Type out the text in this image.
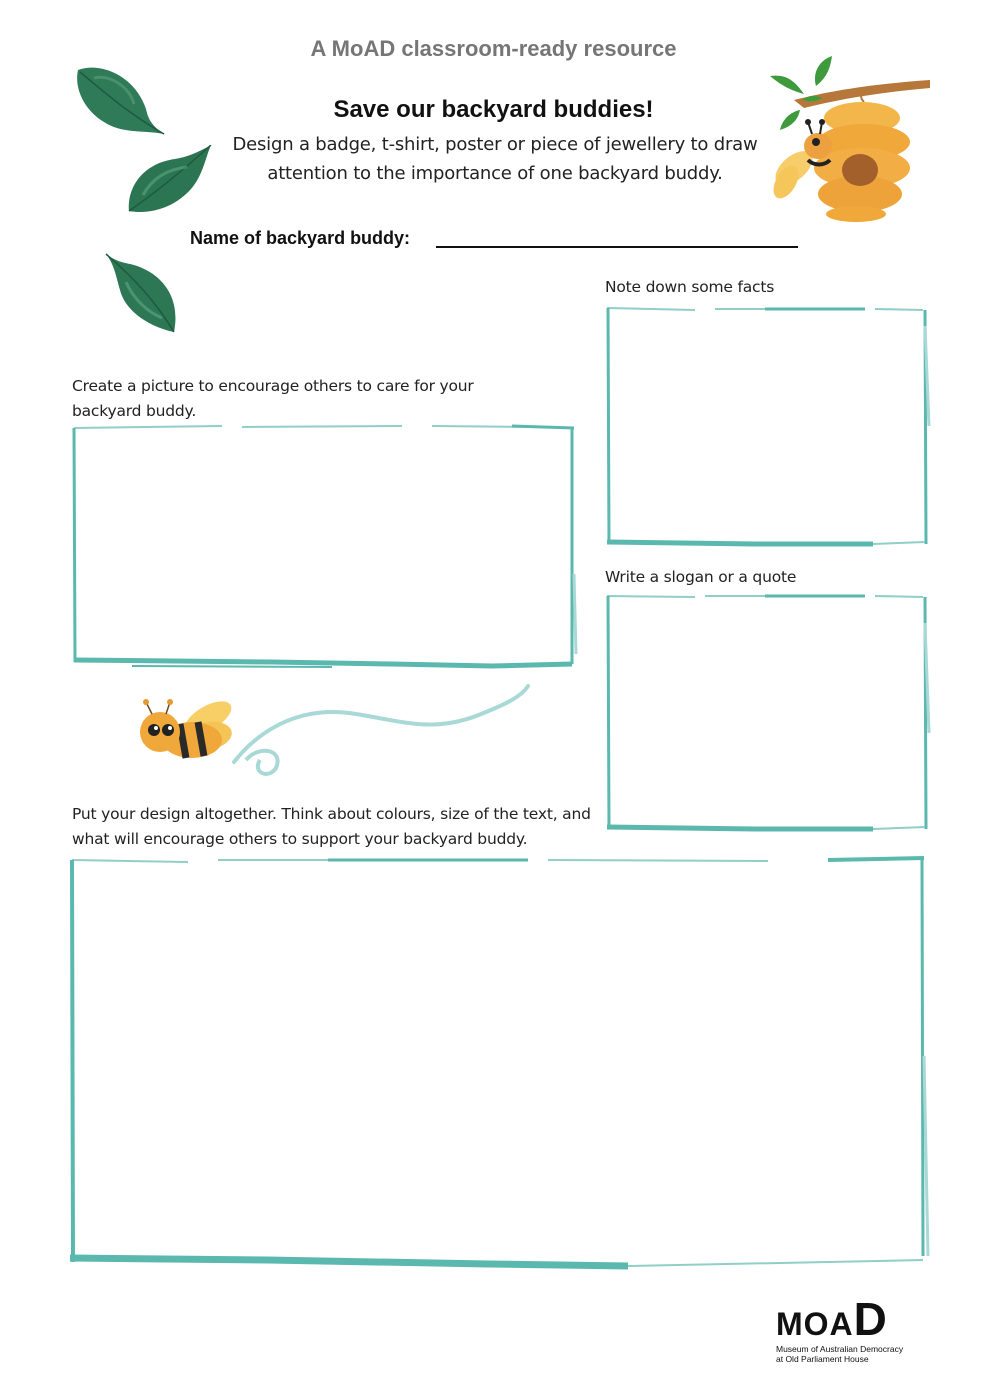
A MoAD classroom-ready resource
Save our backyard buddies!
Design a badge, t-shirt, poster or piece of jewellery to draw attention to the importance of one backyard buddy.
Name of backyard buddy:
Create a picture to encourage others to care for your backyard buddy.
Note down some facts
Write a slogan or a quote
Put your design altogether. Think about colours, size of the text, and what will encourage others to support your backyard buddy.
MOAD
Museum of Australian Democracy
at Old Parliament House
